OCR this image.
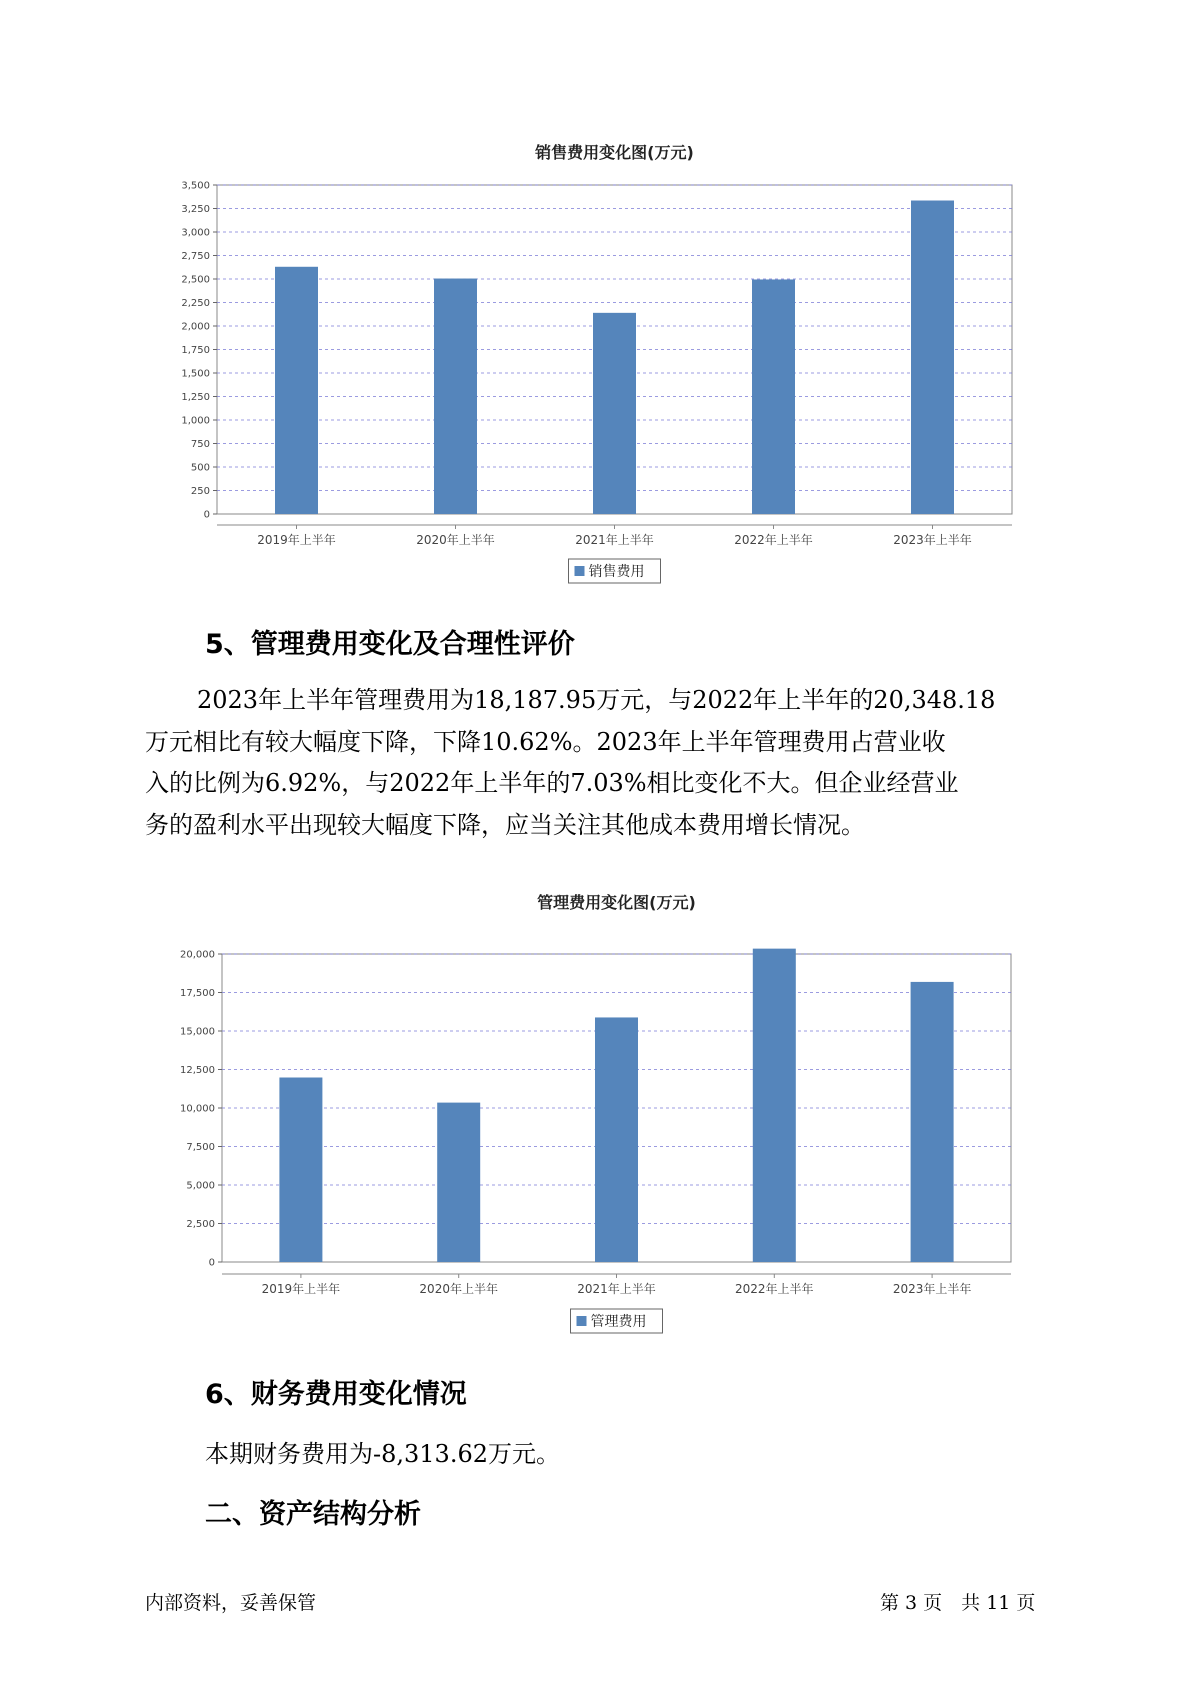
销售费用变化图(万元)
0
250
500
750
1,000
1,250
1,500
1,750
2,000
2,250
2,500
2,750
3,000
3,250
3,500
2019年上半年	2020年上半年	2021年上半年	2022年上半年	2023年上半年
销售费用
5、管理费用变化及合理性评价

2023年上半年管理费用为18,187.95万元，与2022年上半年的20,348.18
万元相比有较大幅度下降，下降10.62%。2023年上半年管理费用占营业收
入的比例为6.92%，与2022年上半年的7.03%相比变化不大。但企业经营业
务的盈利水平出现较大幅度下降，应当关注其他成本费用增长情况。

管理费用变化图(万元)
0
2,500
5,000
7,500
10,000
12,500
15,000
17,500
20,000
2019年上半年	2020年上半年	2021年上半年	2022年上半年	2023年上半年
管理费用
6、财务费用变化情况

本期财务费用为-8,313.62万元。

二、资产结构分析
内部资料，妥善保管	第 3 页　共 11 页
